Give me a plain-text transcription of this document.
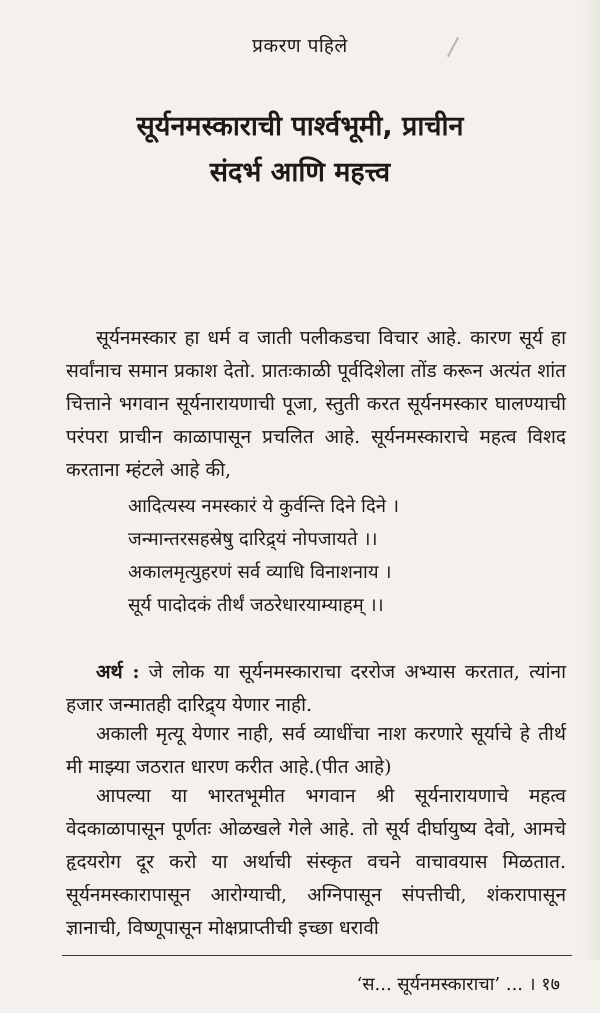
प्रकरण पहिले
सूर्यनमस्काराची पार्श्वभूमी, प्राचीन
संदर्भ आणि महत्त्व
सूर्यनमस्कार हा धर्म व जाती पलीकडचा विचार आहे. कारण सूर्य हा सर्वांनाच समान प्रकाश देतो. प्रातःकाळी पूर्वदिशेला तोंड करून अत्यंत शांत चित्ताने भगवान सूर्यनारायणाची पूजा, स्तुती करत सूर्यनमस्कार घालण्याची परंपरा प्राचीन काळापासून प्रचलित आहे. सूर्यनमस्काराचे महत्व विशद करताना म्हंटले आहे की,
आदित्यस्य नमस्कारं ये कुर्वन्ति दिने दिने ।
जन्मान्तरसहस्रेषु दारिद्र्यं नोपजायते ।।
अकालमृत्युहरणं सर्व व्याधि विनाशनाय ।
सूर्य पादोदकं तीर्थं जठरेधारयाम्याहम् ।।
अर्थ : जे लोक या सूर्यनमस्काराचा दररोज अभ्यास करतात, त्यांना हजार जन्मातही दारिद्र्य येणार नाही.
अकाली मृत्यू येणार नाही, सर्व व्याधींचा नाश करणारे सूर्याचे हे तीर्थ मी माझ्या जठरात धारण करीत आहे.(पीत आहे)
आपल्या या भारतभूमीत भगवान श्री सूर्यनारायणाचे महत्व वेदकाळापासून पूर्णतः ओळखले गेले आहे. तो सूर्य दीर्घायुष्य देवो, आमचे हृदयरोग दूर करो या अर्थाची संस्कृत वचने वाचावयास मिळतात. सूर्यनमस्कारापासून आरोग्याची, अग्निपासून संपत्तीची, शंकरापासून ज्ञानाची, विष्णूपासून मोक्षप्राप्तीची इच्छा धरावी
‘स... सूर्यनमस्काराचा’ ... । १७
